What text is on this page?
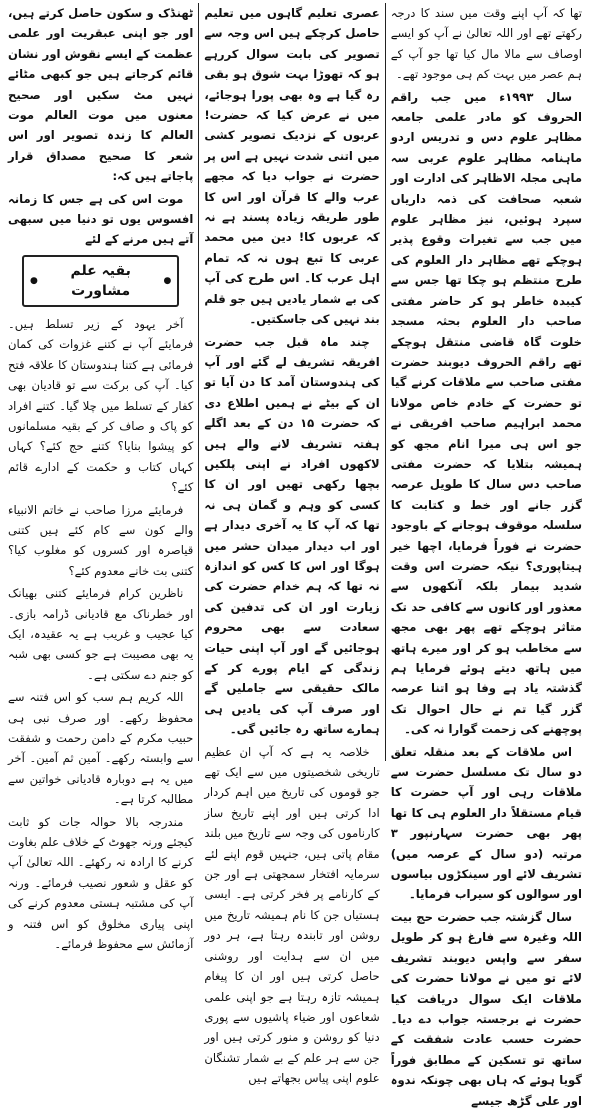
تھا کہ آپ اپنے وقت میں سند کا درجہ رکھتے تھے اور اللہ تعالیٰ نے آپ کو ایسے اوصاف سے مالا مال کیا تھا جو آپ کے ہم عصر میں بہت کم ہی موجود تھے۔

سال ۱۹۹۳ء میں جب راقم الحروف کو مادر علمی جامعہ مظاہر علوم دس و تدریس اردو ماہنامہ مظاہر علوم عربی سہ ماہی مجلہ الاظاہر کی ادارت اور شعبہ صحافت کی ذمہ داریاں سپرد ہوئیں، نیز مظاہر علوم میں جب سے تغیرات وقوع پذیر ہوچکے تھے مظاہر دار العلوم کی طرح منتظم ہو چکا تھا جس سے کیبدہ خاطر ہو کر حاضر مفتی صاحب دار العلوم بحثہ مسجد خلوت گاہ قاضی منتقل ہوچکے تھے راقم الحروف دیوبند حضرت مفتی صاحب سے ملاقات کرنے گیا تو حضرت کے خادم خاص مولانا محمد ابراہیم صاحب افریقی نے جو اس ہی میرا انام مجھ کو ہمیشہ بتلایا کہ حضرت مفتی صاحب دس سال کا طویل عرصہ گزر جانے اور خط و کتابت کا سلسلہ موقوف ہوجانے کے باوجود حضرت نے فوراً فرمایا، اچھا خیر ہیتاپوری؟ نیکہ حضرت اس وقت شدید بیمار بلکہ آنکھوں سے معذور اور کانوں سے کافی حد تک متاثر ہوچکے تھے پھر بھی مجھ سے مخاطب ہو کر اور میرے ہاتھ میں ہاتھ دیتے ہوئے فرمایا ہم گذشتہ یاد ہے وفا ہو اتنا عرصہ گزر گیا تم نے حال احوال تک پوچھنے کی زحمت گوارا نہ کی۔

اس ملاقات کے بعد منقلہ تعلق دو سال تک مسلسل حضرت سے ملاقات رہی اور آپ حضرت کا قیام مستقلاً دار العلوم ہی کا تھا پھر بھی حضرت سہارنپور ۳ مرتبہ (دو سال کے عرصہ میں) تشریف لائے اور سینکڑوں بیاسوں اور سوالوں کو سیراب فرمایا۔

سال گزشتہ جب حضرت حج بیت اللہ وغیرہ سے فارغ ہو کر طویل سفر سے واپس دیوبند تشریف لائے تو میں نے مولانا حضرت کی ملاقات ایک سوال دریافت کیا حضرت نے برجستہ جواب دے دیا۔ حضرت حسب عادت شفقت کے ساتھ تو تسکین کے مطابق فوراً گویا ہوئے کہ ہاں بھی چونکہ ندوہ اور علی گڑھ جیسے

عصری تعلیم گاہوں میں تعلیم حاصل کرچکے ہیں اس وجہ سے تصویر کی بابت سوال کررہے ہو کہ تھوڑا بہت شوق ہو بقی رہ گیا ہے وہ بھی پورا ہوجائے، میں نے عرض کیا کہ حضرت! عربوں کے نزدیک تصویر کشی میں اتنی شدت نہیں ہے اس پر حضرت نے جواب دیا کہ مجھے عرب والے کا قرآن اور اس کا طور طریقہ زیادہ پسند ہے نہ کہ عربوں کا! دین میں محمد عربی کا تبع ہوں نہ کہ تمام اہل عرب کا۔ اس طرح کی آپ کی بے شمار یادیں ہیں جو قلم بند نہیں کی جاسکتیں۔

چند ماہ قبل جب حضرت افریقہ تشریف لے گئے اور آپ کی ہندوستان آمد کا دن آیا تو ان کے بیٹے نے ہمیں اطلاع دی کہ حضرت ۱۵ دن کے بعد اگلے ہفتہ تشریف لانے والے ہیں لاکھوں افراد نے اپنی پلکیں بچھا رکھی تھیں اور ان کا کسی کو وہم و گمان ہی نہ تھا کہ آپ کا یہ آخری دیدار ہے اور اب دیدار میدان حشر میں ہوگا اور اس کا کس کو اندازہ نہ تھا کہ ہم خدام حضرت کی زیارت اور ان کی تدفین کی سعادت سے بھی محروم ہوجائیں گے اور آپ اپنی حیات زندگی کے ایام پورے کر کے مالک حقیقی سے جاملیں گے اور صرف آپ کی یادیں ہی ہمارے ساتھ رہ جائیں گی۔

خلاصہ یہ ہے کہ آپ ان عظیم تاریخی شخصیتوں میں سے ایک تھے جو قوموں کی تاریخ میں اہم کردار ادا کرتی ہیں اور اپنے تاریخ ساز کارناموں کی وجہ سے تاریخ میں بلند مقام پاتی ہیں، جنہیں قوم اپنے لئے سرمایہ افتخار سمجھتی ہے اور جن کے کارنامے پر فخر کرتی ہے۔ ایسی ہستیاں جن کا نام ہمیشہ تاریخ میں روشن اور تابندہ رہتا ہے، ہر دور میں ان سے ہدایت اور روشنی حاصل کرتی ہیں اور ان کا پیغام ہمیشہ تازہ رہتا ہے جو اپنی علمی شعاعوں اور ضیاء پاشیوں سے پوری دنیا کو روشن و منور کرتی ہیں اور جن سے ہر علم کے بے شمار تشنگان علوم اپنی پیاس بجھاتے ہیں

ٹھنڈک و سکون حاصل کرتے ہیں، اور جو اپنی عبقریت اور علمی عظمت کے ایسے نقوش اور نشان قائم کرجاتے ہیں جو کبھی مٹائے نہیں مٹ سکیں اور صحیح معنوں میں موت العالم موت العالم کا زندہ تصویر اور اس شعر کا صحیح مصداق قرار پاجاتے ہیں کہ:

موت اس کی ہے جس کا زمانہ افسوس یوں تو دنیا میں سبھی آتے ہیں مرنے کے لئے

●
بقیہ علم مشاورت
●

آخر یہود کے زیر تسلط ہیں۔ فرمایئے آپ نے کتنے غزوات کی کمان فرمائی ہے کتنا ہندوستان کا علاقہ فتح کیا۔ آپ کی برکت سے تو قادیان بھی کفار کے تسلط میں چلا گیا۔ کتنے افراد کو پاک و صاف کر کے بقیہ مسلمانوں کو پیشوا بنایا؟ کتنے حج کئے؟ کہاں کہاں کتاب و حکمت کے ادارے قائم کئے؟

فرمایئے مرزا صاحب نے خاتم الانبیاء والے کون سے کام کئے ہیں کتنی قیاصرہ اور کسروں کو مغلوب کیا؟ کتنی بت خانے معدوم کئے؟

ناظرین کرام فرمایئے کتنی بھیانک اور خطرناک مع قادیانی ڈرامہ بازی۔ کیا عجیب و غریب ہے یہ عقیدہ، ایک یہ بھی مصیبت ہے جو کسی بھی شبہ کو جنم دے سکتی ہے۔

اللہ کریم ہم سب کو اس فتنہ سے محفوظ رکھے۔ اور صرف نبی ہی حبیب مکرم کے دامن رحمت و شفقت سے وابستہ رکھے۔ آمین ثم آمین۔ آخر میں یہ ہے دوبارہ قادیانی خواتین سے مطالبہ کرتا ہے۔

مندرجہ بالا حوالہ جات کو ثابت کیجئے ورنہ جھوٹ کے خلاف علم بغاوت کرنے کا ارادہ نہ رکھئے۔ اللہ تعالیٰ آپ کو عقل و شعور نصیب فرمائے۔ ورنہ آپ کی مشتبہ ہستی معدوم کرنے کی اپنی پیاری مخلوق کو اس فتنہ و آزمائش سے محفوظ فرمائے۔
